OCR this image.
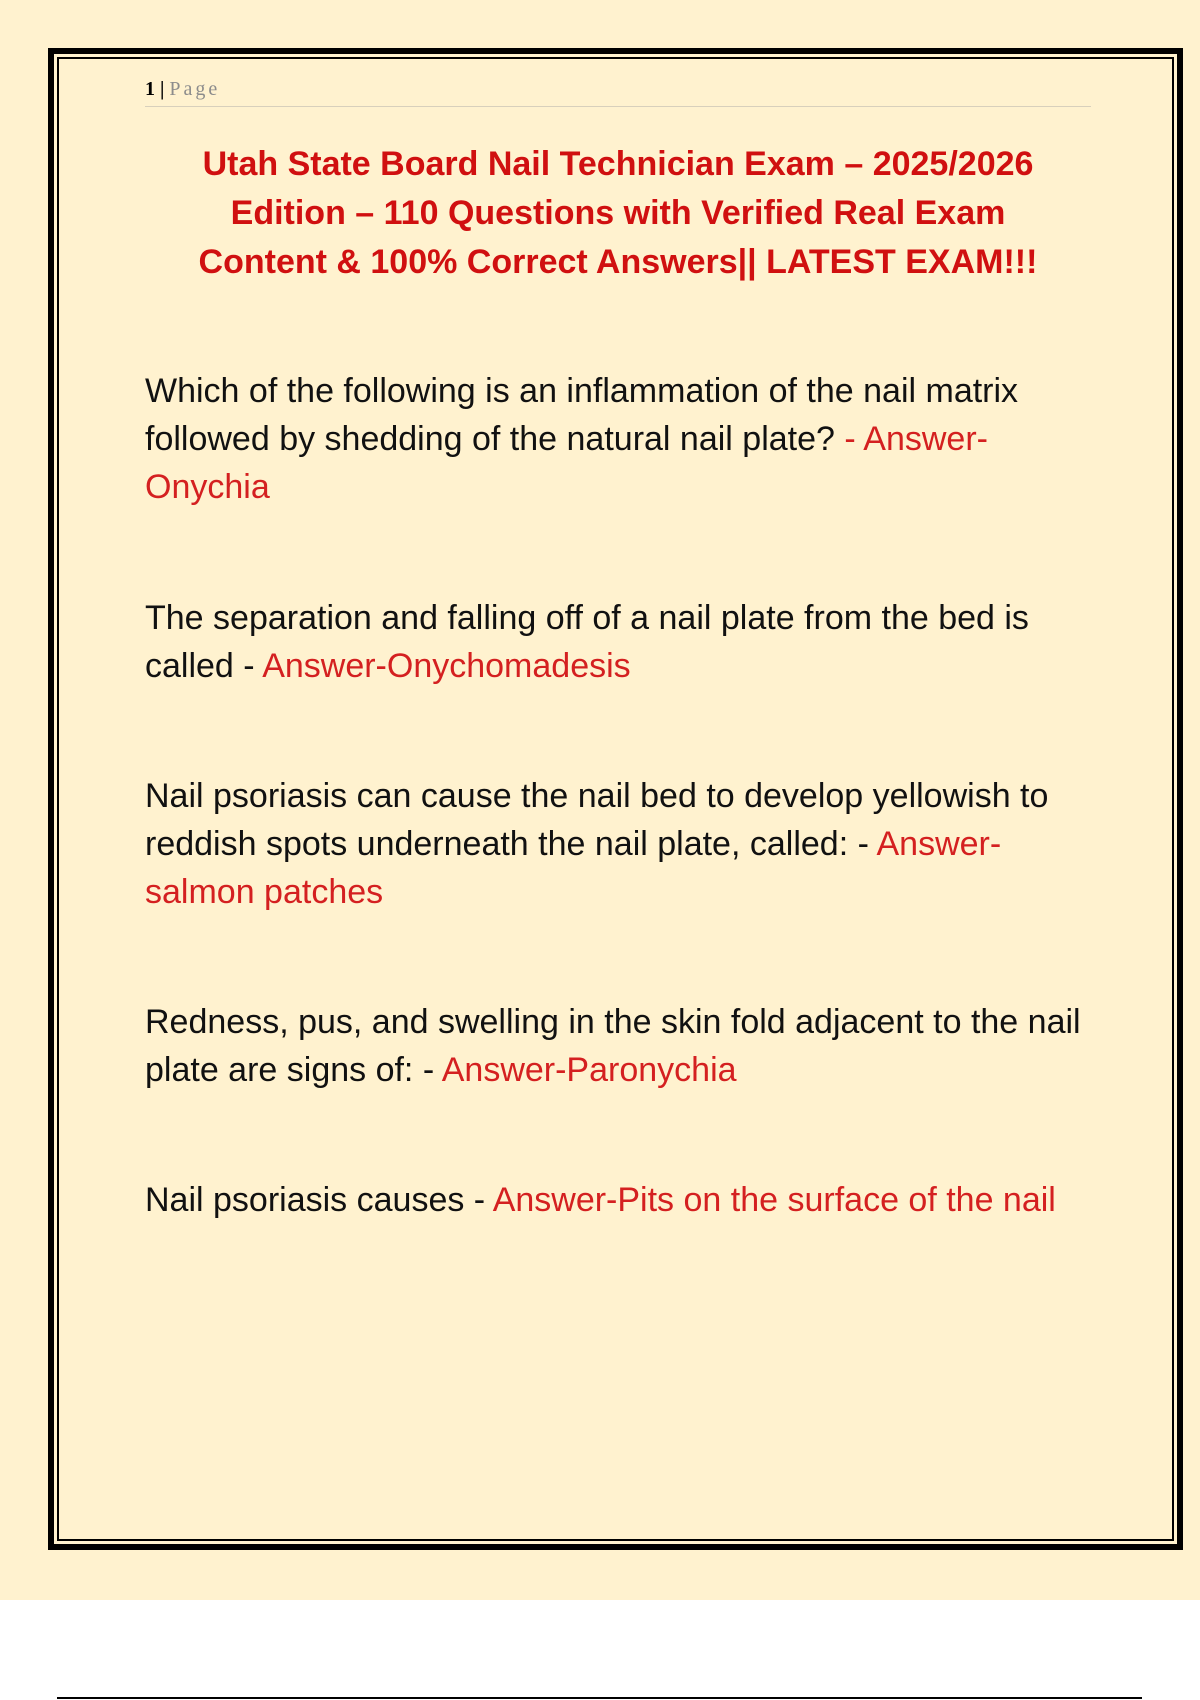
1 | Page
Utah State Board Nail Technician Exam – 2025/2026
Edition – 110 Questions with Verified Real Exam
Content & 100% Correct Answers|| LATEST EXAM!!!

Which of the following is an inflammation of the nail matrix followed by shedding of the natural nail plate? - Answer-Onychia

The separation and falling off of a nail plate from the bed is called - Answer-Onychomadesis

Nail psoriasis can cause the nail bed to develop yellowish to reddish spots underneath the nail plate, called: - Answer-salmon patches

Redness, pus, and swelling in the skin fold adjacent to the nail plate are signs of: - Answer-Paronychia

Nail psoriasis causes - Answer-Pits on the surface of the nail
